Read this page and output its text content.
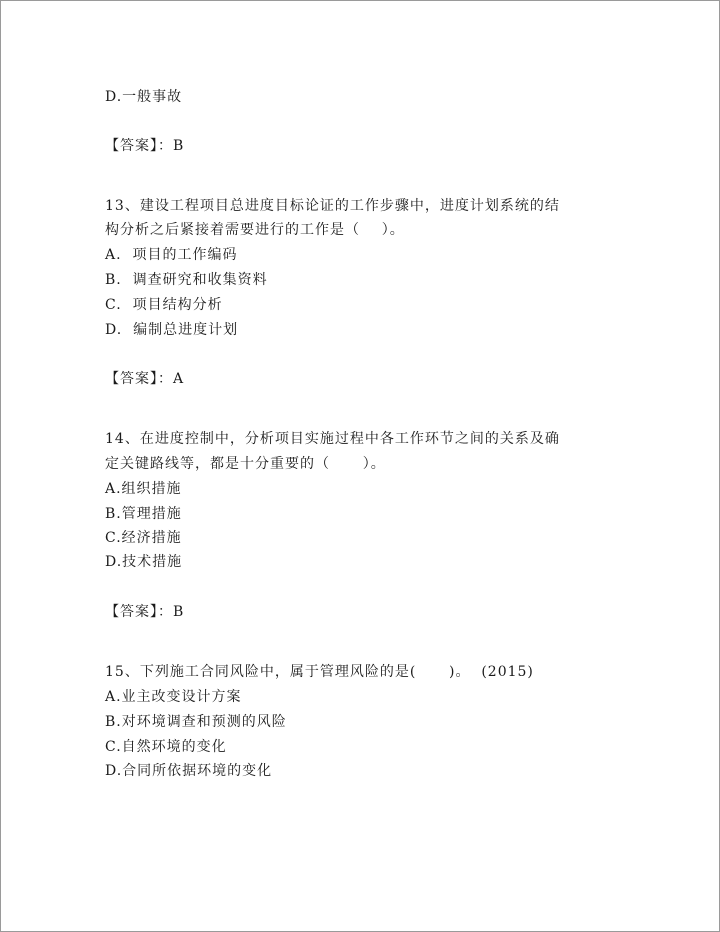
D.一般事故
【答案】：B
13、建设工程项目总进度目标论证的工作步骤中，进度计划系统的结
构分析之后紧接着需要进行的工作是（    ）。
A.  项目的工作编码
B.  调查研究和收集资料
C.  项目结构分析
D.  编制总进度计划
【答案】：A
14、在进度控制中，分析项目实施过程中各工作环节之间的关系及确
定关键路线等，都是十分重要的（      ）。
A.组织措施
B.管理措施
C.经济措施
D.技术措施
【答案】：B
15、下列施工合同风险中，属于管理风险的是(      )。  (2015)
A.业主改变设计方案
B.对环境调查和预测的风险
C.自然环境的变化
D.合同所依据环境的变化
